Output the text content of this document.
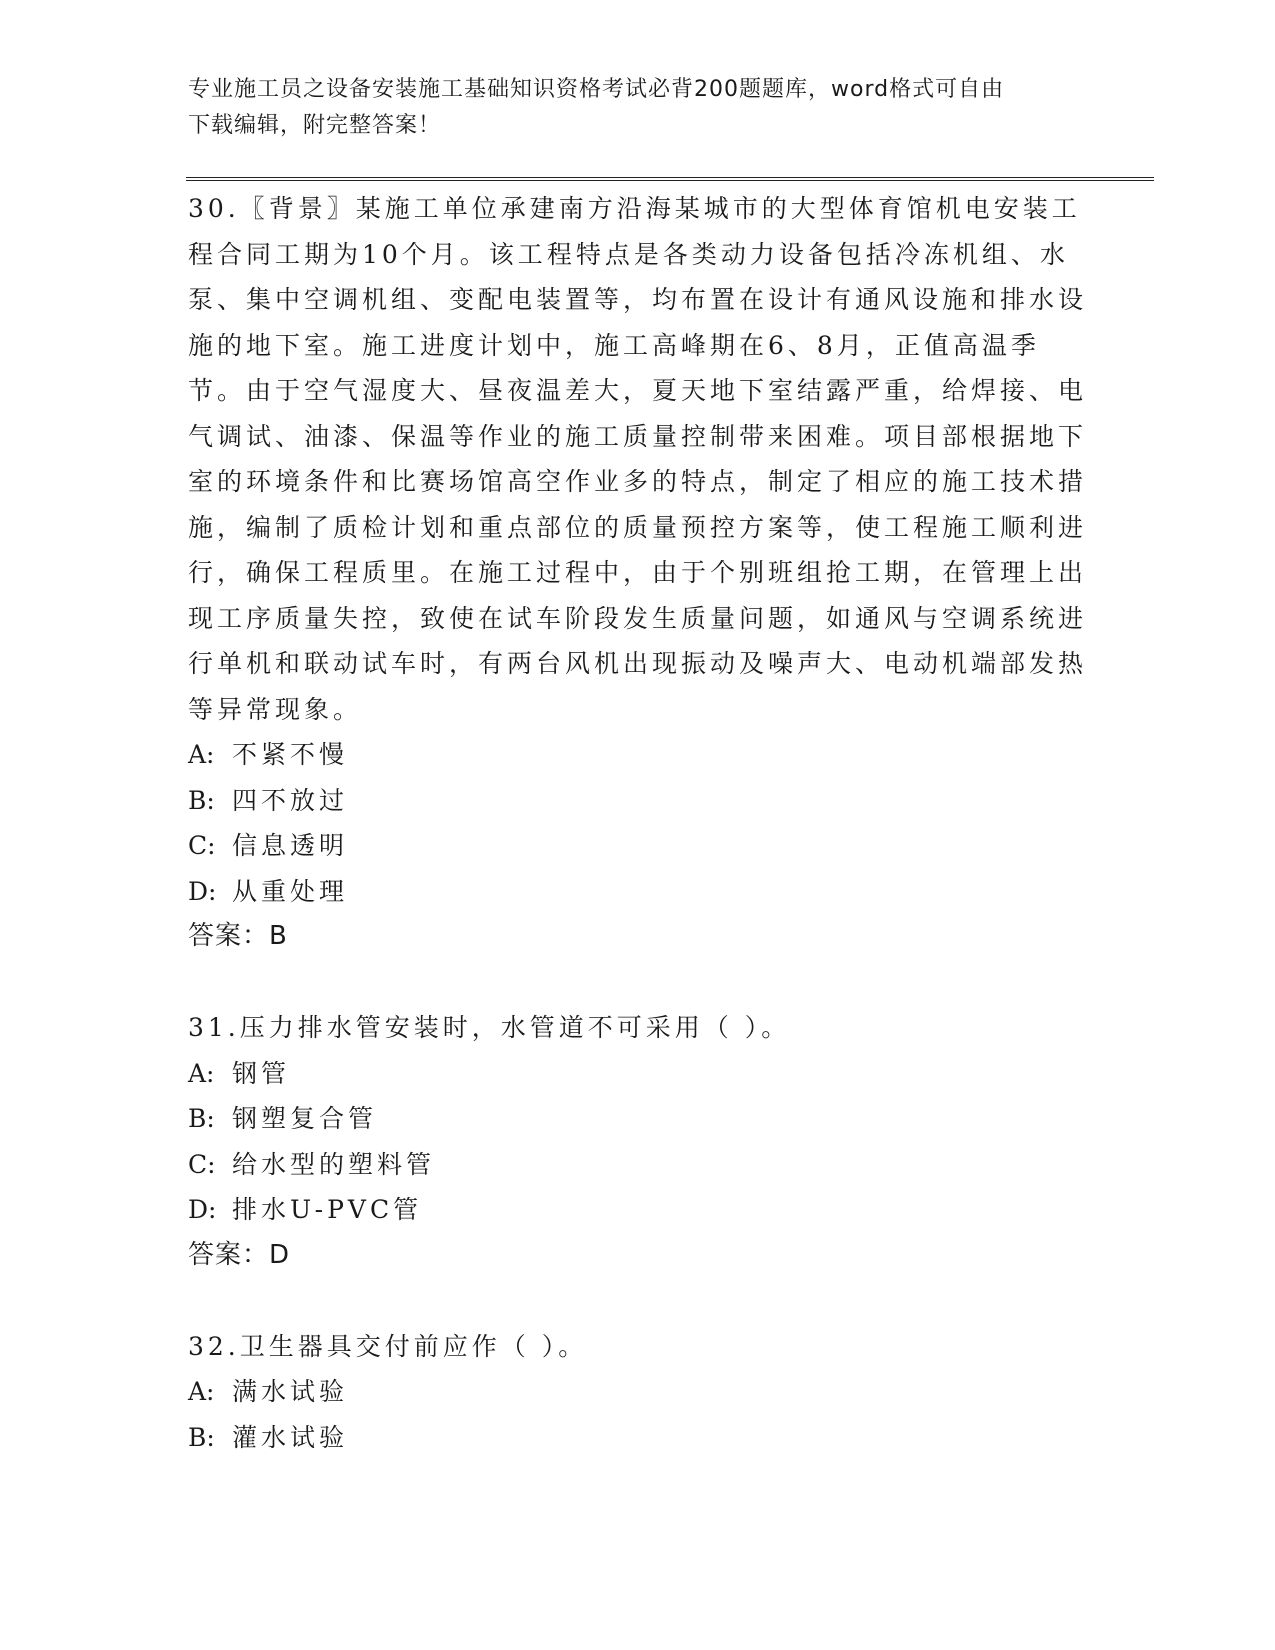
专业施工员之设备安装施工基础知识资格考试必背200题题库，word格式可自由
下载编辑，附完整答案！

30.〖背景〗某施工单位承建南方沿海某城市的大型体育馆机电安装工程合同工期为10个月。该工程特点是各类动力设备包括冷冻机组、水泵、集中空调机组、变配电装置等，均布置在设计有通风设施和排水设施的地下室。施工进度计划中，施工高峰期在6、8月，正值高温季节。由于空气湿度大、昼夜温差大，夏天地下室结露严重，给焊接、电气调试、油漆、保温等作业的施工质量控制带来困难。项目部根据地下室的环境条件和比赛场馆高空作业多的特点，制定了相应的施工技术措施，编制了质检计划和重点部位的质量预控方案等，使工程施工顺利进行，确保工程质里。在施工过程中，由于个别班组抢工期，在管理上出现工序质量失控，致使在试车阶段发生质量问题，如通风与空调系统进行单机和联动试车时，有两台风机出现振动及噪声大、电动机端部发热等异常现象。

A: 不紧不慢

B: 四不放过

C: 信息透明

D: 从重处理

答案：B

31.压力排水管安装时，水管道不可采用（ ）。

A: 钢管

B: 钢塑复合管

C: 给水型的塑料管

D: 排水U-PVC管

答案：D

32.卫生器具交付前应作（ ）。

A: 满水试验

B: 灌水试验
